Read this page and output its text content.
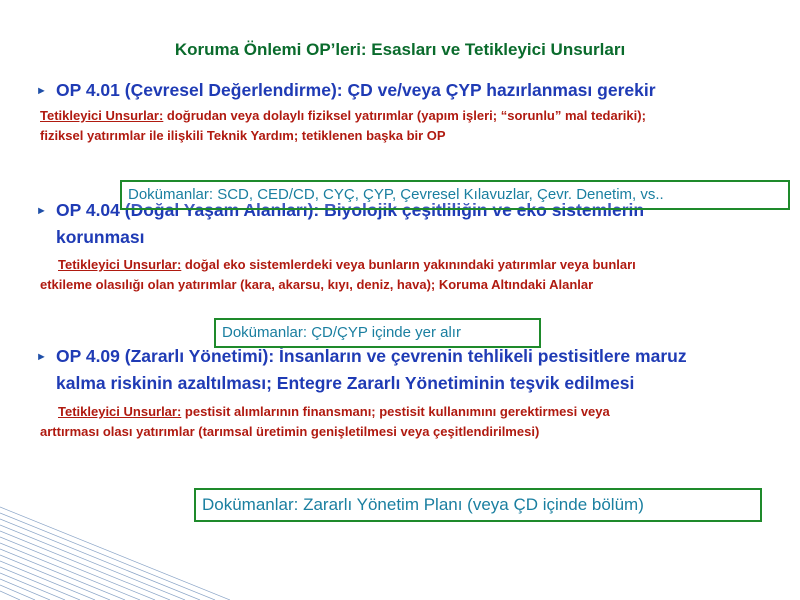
Koruma Önlemi OP’leri: Esasları ve Tetikleyici Unsurları
► OP 4.01 (Çevresel Değerlendirme): ÇD ve/veya ÇYP hazırlanması gerekir
Tetikleyici Unsurlar: doğrudan veya dolaylı fiziksel yatırımlar (yapım işleri; “sorunlu” mal tedariki);
fiziksel yatırımlar ile ilişkili Teknik Yardım; tetiklenen başka bir OP
► OP 4.04 (Doğal Yaşam Alanları): Biyolojik çeşitliliğin ve eko sistemlerin
korunması
Tetikleyici Unsurlar: doğal eko sistemlerdeki veya bunların yakınındaki yatırımlar veya bunları
etkileme olasılığı olan yatırımlar (kara, akarsu, kıyı, deniz, hava); Koruma Altındaki Alanlar
► OP 4.09 (Zararlı Yönetimi): İnsanların ve çevrenin tehlikeli pestisitlere maruz
kalma riskinin azaltılması; Entegre Zararlı Yönetiminin teşvik edilmesi
Tetikleyici Unsurlar: pestisit alımlarının finansmanı; pestisit kullanımını gerektirmesi veya
arttırması olası yatırımlar (tarımsal üretimin genişletilmesi veya çeşitlendirilmesi)
Dokümanlar: SCD, CED/CD, CYÇ, ÇYP, Çevresel Kılavuzlar, Çevr. Denetim, vs..
Dokümanlar: ÇD/ÇYP içinde yer alır
Dokümanlar: Zararlı Yönetim Planı (veya ÇD içinde bölüm)
